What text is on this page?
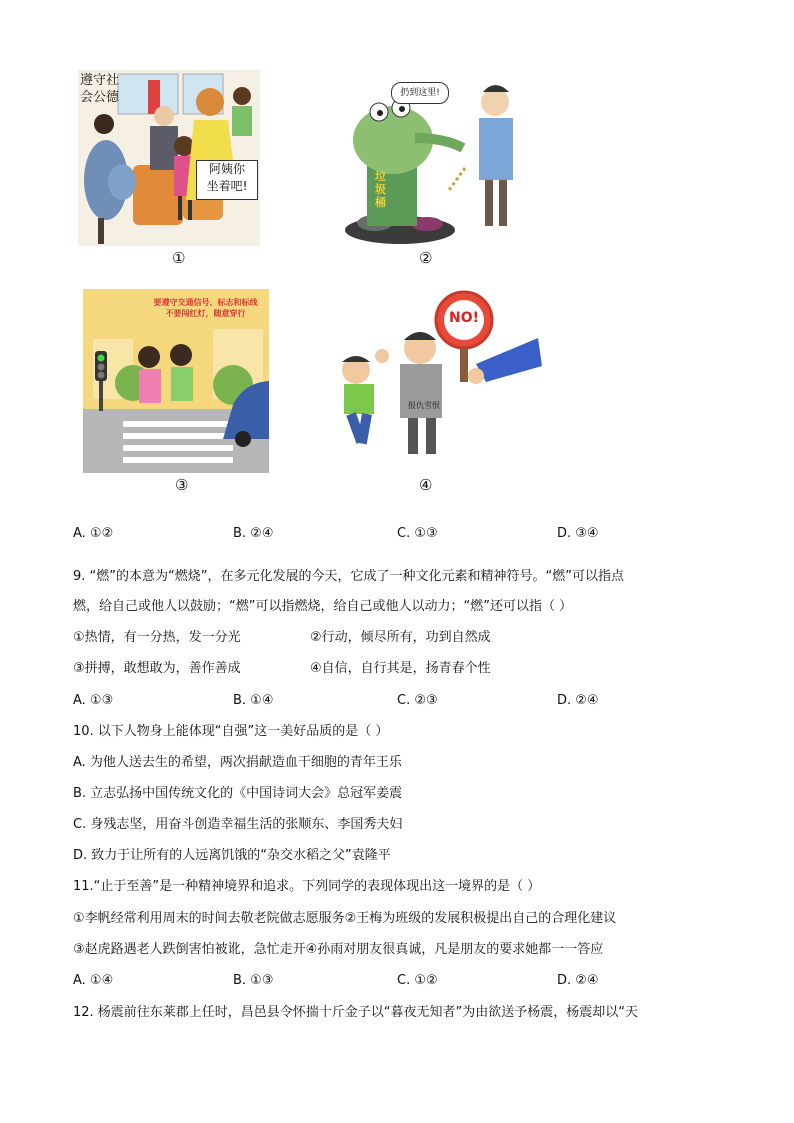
遵守社
会公德
阿姨你
坐着吧!
①
扔到这里!
垃圾桶
②
要遵守交通信号、标志和标线
不要闯红灯，随意穿行
③
NO!
报仇雪恨
④
A. ①②	B. ②④	C. ①③	D. ③④
9. “燃”的本意为“燃烧”，在多元化发展的今天，它成了一种文化元素和精神符号。“燃”可以指点
燃，给自己或他人以鼓励；“燃”可以指燃烧，给自己或他人以动力；“燃”还可以指（ ）
①热情，有一分热，发一分光	②行动，倾尽所有，功到自然成
③拼搏，敢想敢为，善作善成	④自信，自行其是，扬青春个性
A. ①③	B. ①④	C. ②③	D. ②④
10. 以下人物身上能体现“自强”这一美好品质的是（ ）
A. 为他人送去生的希望，两次捐献造血干细胞的青年王乐
B. 立志弘扬中国传统文化的《中国诗词大会》总冠军姜震
C. 身残志坚，用奋斗创造幸福生活的张顺东、李国秀夫妇
D. 致力于让所有的人远离饥饿的“杂交水稻之父”袁隆平
11.“止于至善”是一种精神境界和追求。下列同学的表现体现出这一境界的是（ ）
①李帆经常利用周末的时间去敬老院做志愿服务②王梅为班级的发展积极提出自己的合理化建议
③赵虎路遇老人跌倒害怕被讹，急忙走开④孙雨对朋友很真诚，凡是朋友的要求她都一一答应
A. ①④	B. ①③	C. ①②	D. ②④
12. 杨震前往东莱郡上任时，昌邑县令怀揣十斤金子以“暮夜无知者”为由欲送予杨震，杨震却以“天
